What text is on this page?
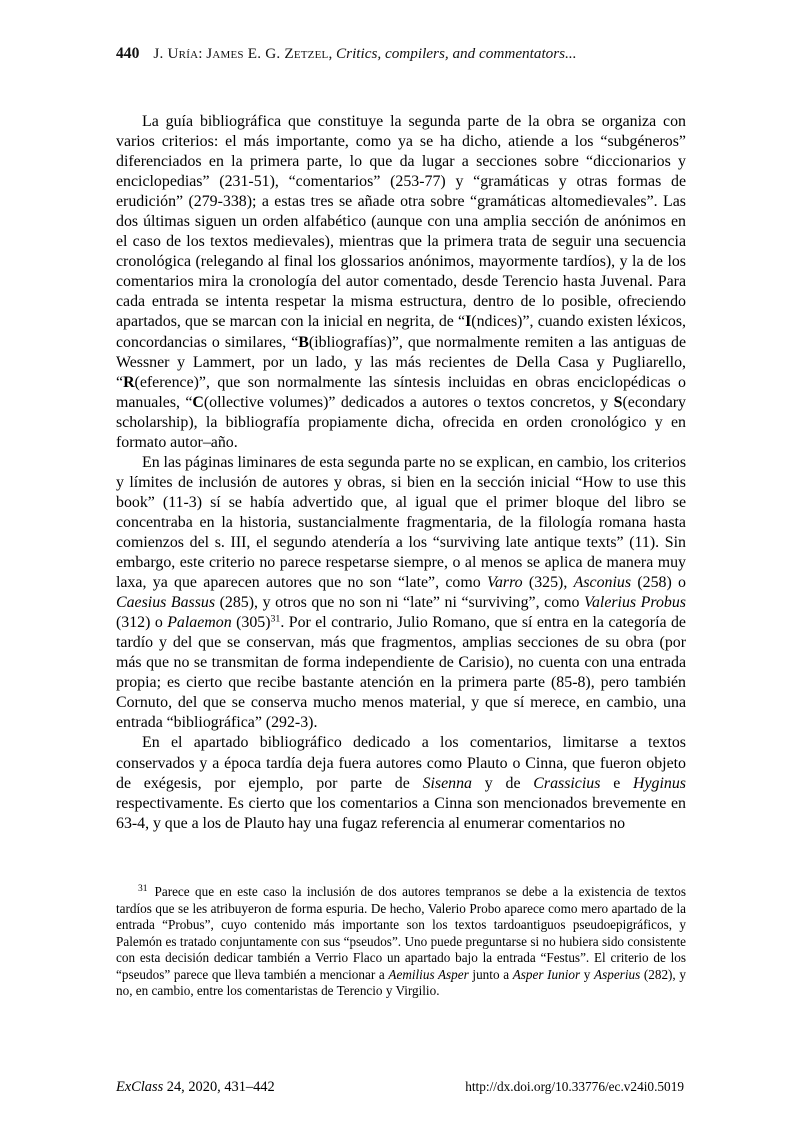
440 J. Uría: James E. G. Zetzel, Critics, compilers, and commentators...

La guía bibliográfica que constituye la segunda parte de la obra se organiza con varios criterios: el más importante, como ya se ha dicho, atiende a los “subgéneros” diferenciados en la primera parte, lo que da lugar a secciones sobre “diccionarios y enciclopedias” (231-51), “comentarios” (253-77) y “gramáticas y otras formas de erudición” (279-338); a estas tres se añade otra sobre “gramáticas altomedievales”. Las dos últimas siguen un orden alfabético (aunque con una amplia sección de anónimos en el caso de los textos medievales), mientras que la primera trata de seguir una secuencia cronológica (relegando al final los glossarios anónimos, mayormente tardíos), y la de los comentarios mira la cronología del autor comentado, desde Terencio hasta Juvenal. Para cada entrada se intenta respetar la misma estructura, dentro de lo posible, ofreciendo apartados, que se marcan con la inicial en negrita, de “I(ndices)”, cuando existen léxicos, concordancias o similares, “B(ibliografías)”, que normalmente remiten a las antiguas de Wessner y Lammert, por un lado, y las más recientes de Della Casa y Pugliarello, “R(eference)”, que son normalmente las síntesis incluidas en obras enciclopédicas o manuales, “C(ollective volumes)” dedicados a autores o textos concretos, y S(econdary scholarship), la bibliografía propiamente dicha, ofrecida en orden cronológico y en formato autor–año.

En las páginas liminares de esta segunda parte no se explican, en cambio, los criterios y límites de inclusión de autores y obras, si bien en la sección inicial “How to use this book” (11-3) sí se había advertido que, al igual que el primer bloque del libro se concentraba en la historia, sustancialmente fragmentaria, de la filología romana hasta comienzos del s. III, el segundo atendería a los “surviving late antique texts” (11). Sin embargo, este criterio no parece respetarse siempre, o al menos se aplica de manera muy laxa, ya que aparecen autores que no son “late”, como Varro (325), Asconius (258) o Caesius Bassus (285), y otros que no son ni “late” ni “surviving”, como Valerius Probus (312) o Palaemon (305)$^{31}$. Por el contrario, Julio Romano, que sí entra en la categoría de tardío y del que se conservan, más que fragmentos, amplias secciones de su obra (por más que no se transmitan de forma independiente de Carisio), no cuenta con una entrada propia; es cierto que recibe bastante atención en la primera parte (85-8), pero también Cornuto, del que se conserva mucho menos material, y que sí merece, en cambio, una entrada “bibliográfica” (292-3).

En el apartado bibliográfico dedicado a los comentarios, limitarse a textos conservados y a época tardía deja fuera autores como Plauto o Cinna, que fueron objeto de exégesis, por ejemplo, por parte de Sisenna y de Crassicius e Hyginus respectivamente. Es cierto que los comentarios a Cinna son mencionados brevemente en 63-4, y que a los de Plauto hay una fugaz referencia al enumerar comentarios no

$^{31}$ Parece que en este caso la inclusión de dos autores tempranos se debe a la existencia de textos tardíos que se les atribuyeron de forma espuria. De hecho, Valerio Probo aparece como mero apartado de la entrada “Probus”, cuyo contenido más importante son los textos tardoantiguos pseudoepigráficos, y Palemón es tratado conjuntamente con sus “pseudos”. Uno puede preguntarse si no hubiera sido consistente con esta decisión dedicar también a Verrio Flaco un apartado bajo la entrada “Festus”. El criterio de los “pseudos” parece que lleva también a mencionar a Aemilius Asper junto a Asper Iunior y Asperius (282), y no, en cambio, entre los comentaristas de Terencio y Virgilio.

ExClass 24, 2020, 431–442	http://dx.doi.org/10.33776/ec.v24i0.5019
